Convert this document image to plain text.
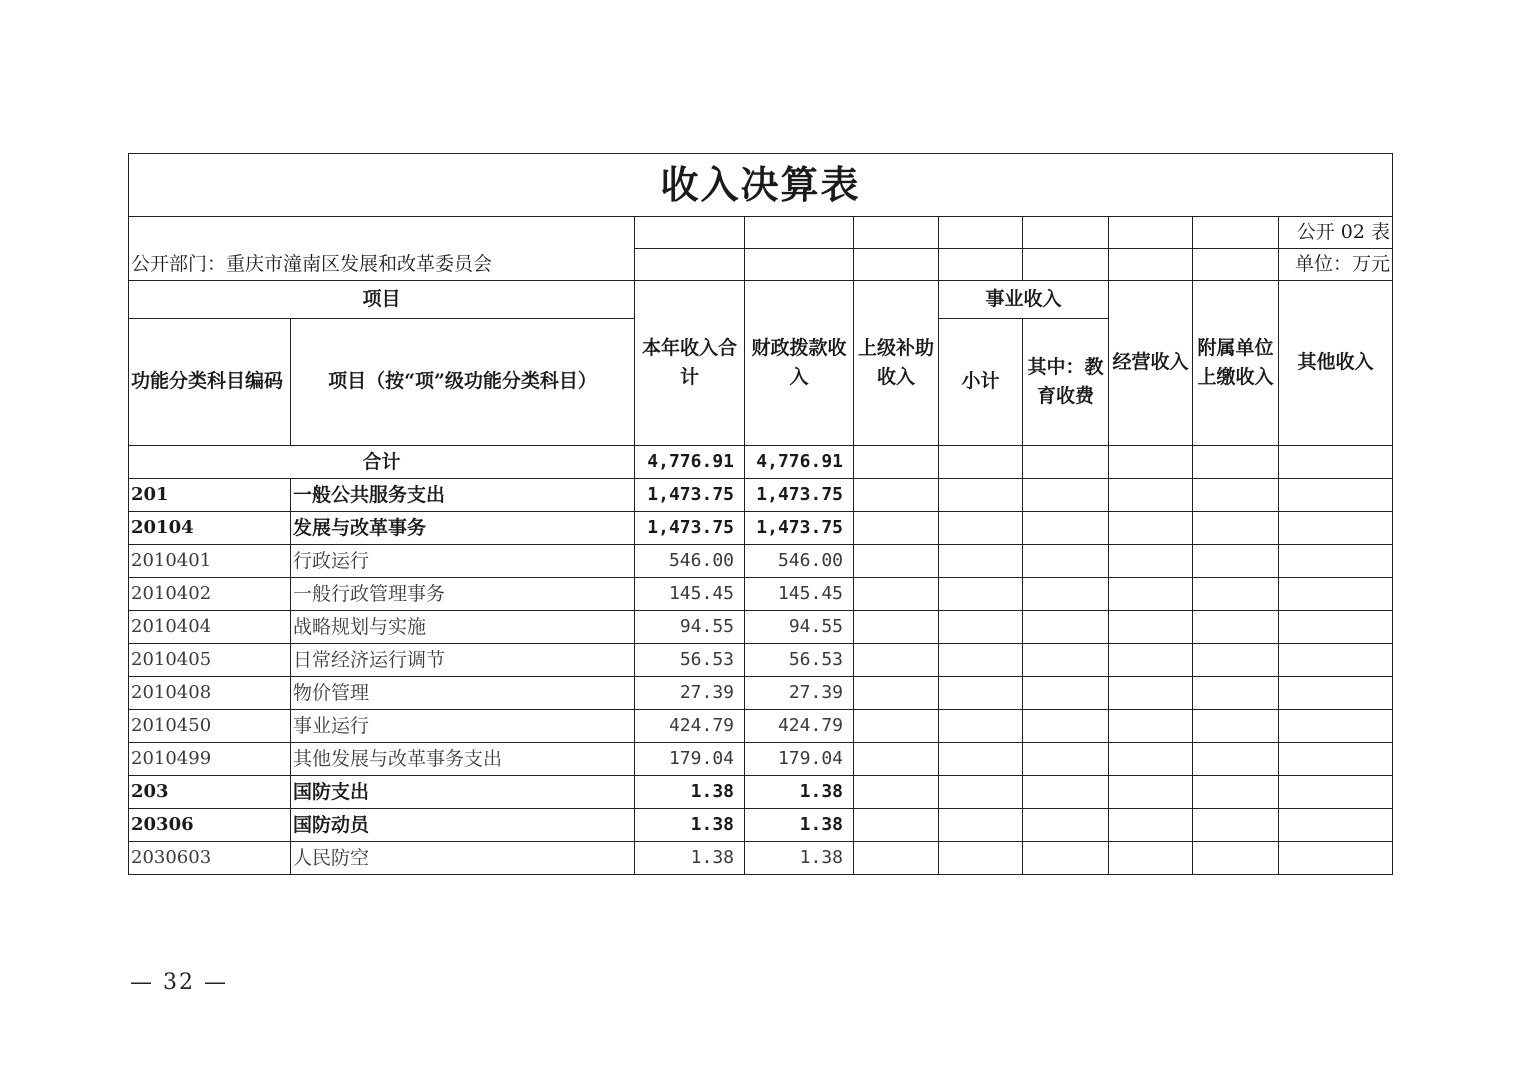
收入决算表									
公开部门：重庆市潼南区发展和改革委员会									公开 02 表
									单位：万元
项目		本年收入合计	财政拨款收入	上级补助收入	事业收入		经营收入	附属单位上缴收入	其他收入
功能分类科目编码	项目（按“项”级功能分类科目）				小计	其中：教育收费			
合计		4,776.91	4,776.91						
201	一般公共服务支出	1,473.75	1,473.75						
20104	发展与改革事务	1,473.75	1,473.75						
2010401	行政运行	546.00	546.00						
2010402	一般行政管理事务	145.45	145.45						
2010404	战略规划与实施	94.55	94.55						
2010405	日常经济运行调节	56.53	56.53						
2010408	物价管理	27.39	27.39						
2010450	事业运行	424.79	424.79						
2010499	其他发展与改革事务支出	179.04	179.04						
203	国防支出	1.38	1.38						
20306	国防动员	1.38	1.38						
2030603	人民防空	1.38	1.38						
— 32 —
